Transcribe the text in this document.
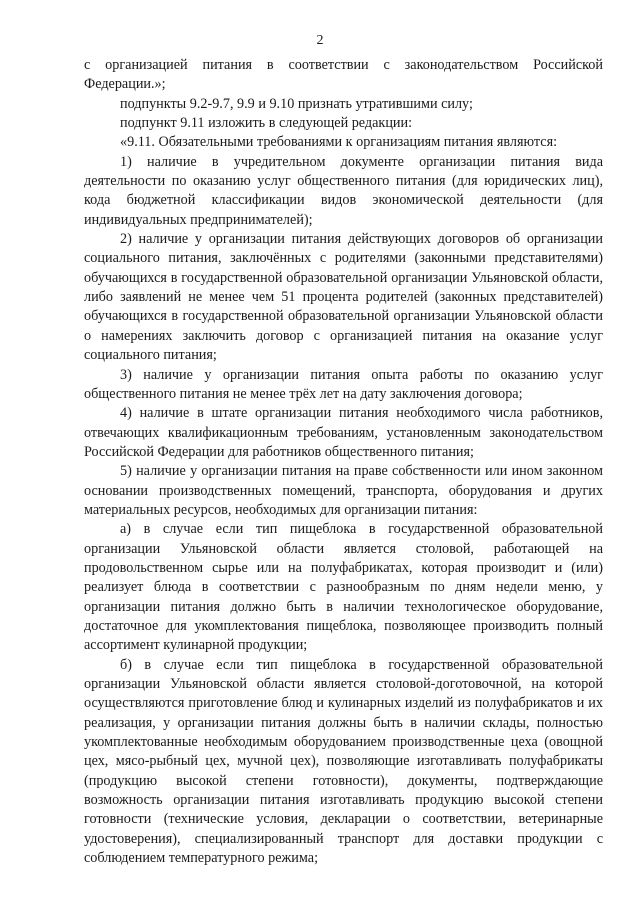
2

с организацией питания в соответствии с законодательством Российской Федерации.»;

подпункты 9.2-9.7, 9.9 и 9.10 признать утратившими силу;

подпункт 9.11 изложить в следующей редакции:

«9.11. Обязательными требованиями к организациям питания являются:

1) наличие в учредительном документе организации питания вида деятельности по оказанию услуг общественного питания (для юридических лиц), кода бюджетной классификации видов экономической деятельности (для индивидуальных предпринимателей);

2) наличие у организации питания действующих договоров об организации социального питания, заключённых с родителями (законными представителями) обучающихся в государственной образовательной организации Ульяновской области, либо заявлений не менее чем 51 процента родителей (законных представителей) обучающихся в государственной образовательной организации Ульяновской области о намерениях заключить договор с организацией питания на оказание услуг социального питания;

3) наличие у организации питания опыта работы по оказанию услуг общественного питания не менее трёх лет на дату заключения договора;

4) наличие в штате организации питания необходимого числа работников, отвечающих квалификационным требованиям, установленным законодательством Российской Федерации для работников общественного питания;

5) наличие у организации питания на праве собственности или ином законном основании производственных помещений, транспорта, оборудования и других материальных ресурсов, необходимых для организации питания:

а) в случае если тип пищеблока в государственной образовательной организации Ульяновской области является столовой, работающей на продовольственном сырье или на полуфабрикатах, которая производит и (или) реализует блюда в соответствии с разнообразным по дням недели меню, у организации питания должно быть в наличии технологическое оборудование, достаточное для укомплектования пищеблока, позволяющее производить полный ассортимент кулинарной продукции;

б) в случае если тип пищеблока в государственной образовательной организации Ульяновской области является столовой-доготовочной, на которой осуществляются приготовление блюд и кулинарных изделий из полуфабрикатов и их реализация, у организации питания должны быть в наличии склады, полностью укомплектованные необходимым оборудованием производственные цеха (овощной цех, мясо-рыбный цех, мучной цех), позволяющие изготавливать полуфабрикаты (продукцию высокой степени готовности), документы, подтверждающие возможность организации питания изготавливать продукцию высокой степени готовности (технические условия, декларации о соответствии, ветеринарные удостоверения), специализированный транспорт для доставки продукции с соблюдением температурного режима;
